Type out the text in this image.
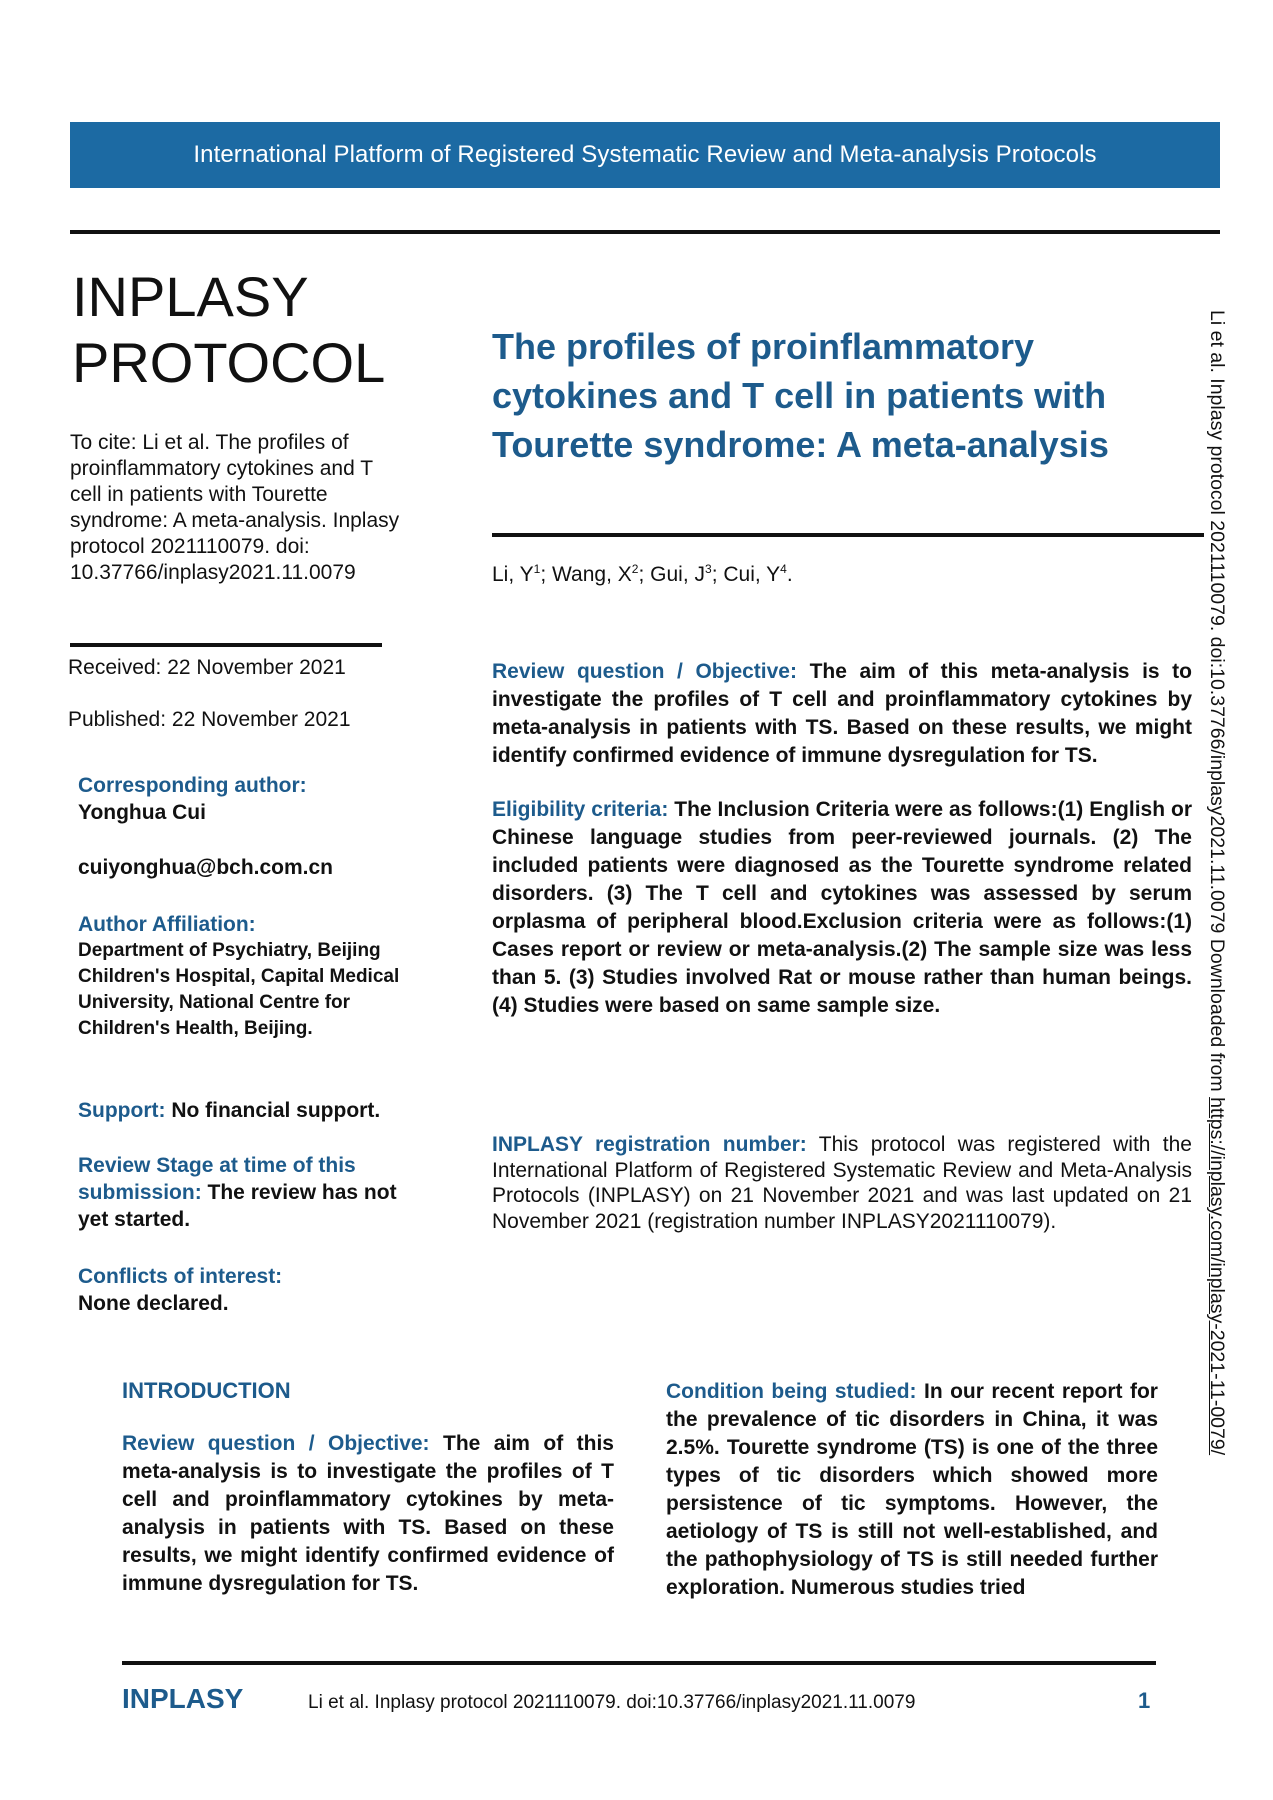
International Platform of Registered Systematic Review and Meta-analysis Protocols
INPLASY
PROTOCOL
To cite: Li et al. The profiles of proinflammatory cytokines and T cell in patients with Tourette syndrome: A meta-analysis. Inplasy protocol 2021110079. doi: 10.37766/inplasy2021.11.0079
Received: 22 November 2021
Published: 22 November 2021
Corresponding author:
Yonghua Cui
cuiyonghua@bch.com.cn
Author Affiliation:
Department of Psychiatry, Beijing Children's Hospital, Capital Medical University, National Centre for Children's Health, Beijing.
Support: No financial support.
Review Stage at time of this submission: The review has not yet started.
Conflicts of interest:
None declared.
The profiles of proinflammatory cytokines and T cell in patients with Tourette syndrome: A meta-analysis
Li, $Y^1$; Wang, $X^2$; Gui, $J^3$; Cui, $Y^4$.
Review question / Objective: The aim of this meta-analysis is to investigate the profiles of T cell and proinflammatory cytokines by meta-analysis in patients with TS. Based on these results, we might identify confirmed evidence of immune dysregulation for TS.
Eligibility criteria: The Inclusion Criteria were as follows:(1) English or Chinese language studies from peer-reviewed journals. (2) The included patients were diagnosed as the Tourette syndrome related disorders. (3) The T cell and cytokines was assessed by serum orplasma of peripheral blood.Exclusion criteria were as follows:(1) Cases report or review or meta-analysis.(2) The sample size was less than 5. (3) Studies involved Rat or mouse rather than human beings. (4) Studies were based on same sample size.
INPLASY registration number: This protocol was registered with the International Platform of Registered Systematic Review and Meta-Analysis Protocols (INPLASY) on 21 November 2021 and was last updated on 21 November 2021 (registration number INPLASY2021110079).
INTRODUCTION
Review question / Objective: The aim of this meta-analysis is to investigate the profiles of T cell and proinflammatory cytokines by meta-analysis in patients with TS. Based on these results, we might identify confirmed evidence of immune dysregulation for TS.
Condition being studied: In our recent report for the prevalence of tic disorders in China, it was 2.5%. Tourette syndrome (TS) is one of the three types of tic disorders which showed more persistence of tic symptoms. However, the aetiology of TS is still not well-established, and the pathophysiology of TS is still needed further exploration. Numerous studies tried
INPLASY	Li et al. Inplasy protocol 2021110079. doi:10.37766/inplasy2021.11.0079	1
Li et al. Inplasy protocol 2021110079. doi:10.37766/inplasy2021.11.0079 Downloaded from https://inplasy.com/inplasy-2021-11-0079/
